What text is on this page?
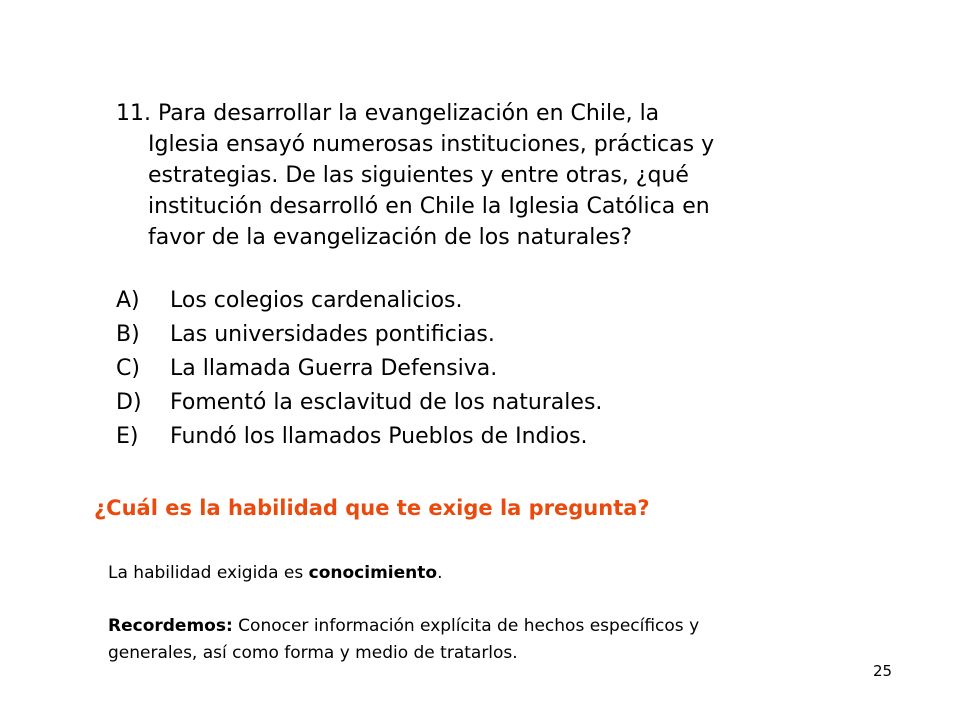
11. Para desarrollar la evangelización en Chile, la
Iglesia ensayó numerosas instituciones, prácticas y
estrategias. De las siguientes y entre otras, ¿qué
institución desarrolló en Chile la Iglesia Católica en
favor de la evangelización de los naturales?
A)	Los colegios cardenalicios.
B)	Las universidades pontificias.
C)	La llamada Guerra Defensiva.
D)	Fomentó la esclavitud de los naturales.
E)	Fundó los llamados Pueblos de Indios.
¿Cuál es la habilidad que te exige la pregunta?

La habilidad exigida es conocimiento.

Recordemos: Conocer información explícita de hechos específicos y

generales, así como forma y medio de tratarlos.

25
